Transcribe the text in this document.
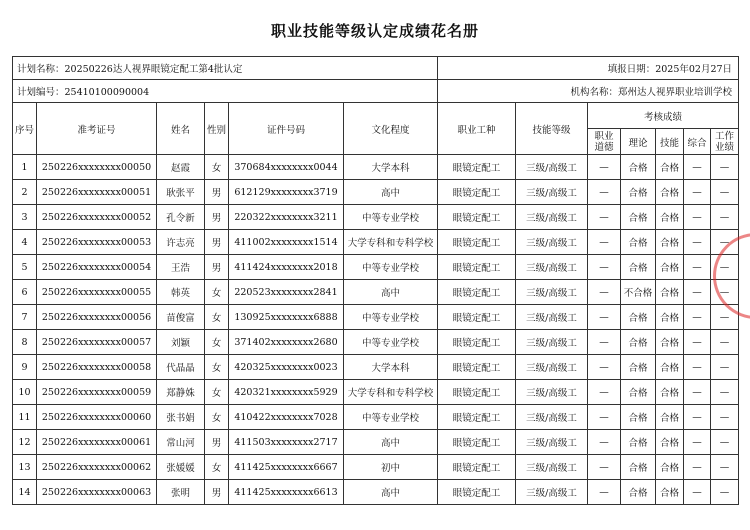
职业技能等级认定成绩花名册
计划名称：20250226达人视界眼镜定配工第4批认定						填报日期：2025年02月27日						
计划编号：25410100090004						机构名称：郑州达人视界职业培训学校						
序号	准考证号	姓名	性别	证件号码	文化程度	职业工种	技能等级	考核成绩				
								职业道德	理论	技能	综合	工作业绩
1	250226xxxxxxxx00050	赵霞	女	370684xxxxxxxx0044	大学本科	眼镜定配工	三级/高级工	—	合格	合格	—	—
2	250226xxxxxxxx00051	耿张平	男	612129xxxxxxxx3719	高中	眼镜定配工	三级/高级工	—	合格	合格	—	—
3	250226xxxxxxxx00052	孔令新	男	220322xxxxxxxx3211	中等专业学校	眼镜定配工	三级/高级工	—	合格	合格	—	—
4	250226xxxxxxxx00053	许志亮	男	411002xxxxxxxx1514	大学专科和专科学校	眼镜定配工	三级/高级工	—	合格	合格	—	—
5	250226xxxxxxxx00054	王浩	男	411424xxxxxxxx2018	中等专业学校	眼镜定配工	三级/高级工	—	合格	合格	—	—
6	250226xxxxxxxx00055	韩英	女	220523xxxxxxxx2841	高中	眼镜定配工	三级/高级工	—	不合格	合格	—	—
7	250226xxxxxxxx00056	苗俊富	女	130925xxxxxxxx6888	中等专业学校	眼镜定配工	三级/高级工	—	合格	合格	—	—
8	250226xxxxxxxx00057	刘颖	女	371402xxxxxxxx2680	中等专业学校	眼镜定配工	三级/高级工	—	合格	合格	—	—
9	250226xxxxxxxx00058	代晶晶	女	420325xxxxxxxx0023	大学本科	眼镜定配工	三级/高级工	—	合格	合格	—	—
10	250226xxxxxxxx00059	郑静姝	女	420321xxxxxxxx5929	大学专科和专科学校	眼镜定配工	三级/高级工	—	合格	合格	—	—
11	250226xxxxxxxx00060	张书娟	女	410422xxxxxxxx7028	中等专业学校	眼镜定配工	三级/高级工	—	合格	合格	—	—
12	250226xxxxxxxx00061	常山河	男	411503xxxxxxxx2717	高中	眼镜定配工	三级/高级工	—	合格	合格	—	—
13	250226xxxxxxxx00062	张媛媛	女	411425xxxxxxxx6667	初中	眼镜定配工	三级/高级工	—	合格	合格	—	—
14	250226xxxxxxxx00063	张明	男	411425xxxxxxxx6613	高中	眼镜定配工	三级/高级工	—	合格	合格	—	—
